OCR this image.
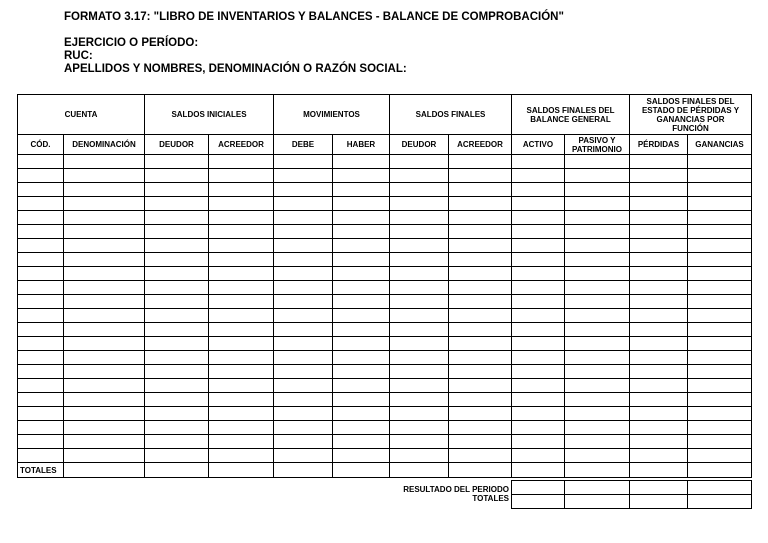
FORMATO 3.17: "LIBRO DE INVENTARIOS Y BALANCES - BALANCE DE COMPROBACIÓN"
EJERCICIO O PERÍODO:
RUC:
APELLIDOS Y NOMBRES, DENOMINACIÓN O RAZÓN SOCIAL:
CUENTA		SALDOS INICIALES		MOVIMIENTOS		SALDOS FINALES		SALDOS FINALES DEL BALANCE GENERAL		SALDOS FINALES DEL ESTADO DE PÉRDIDAS Y GANANCIAS POR FUNCIÓN	
CÓD.	DENOMINACIÓN	DEUDOR	ACREEDOR	DEBE	HABER	DEUDOR	ACREEDOR	ACTIVO	PASIVO Y PATRIMONIO	PÉRDIDAS	GANANCIAS

TOTALES											
RESULTADO DEL PERIODO
TOTALES
